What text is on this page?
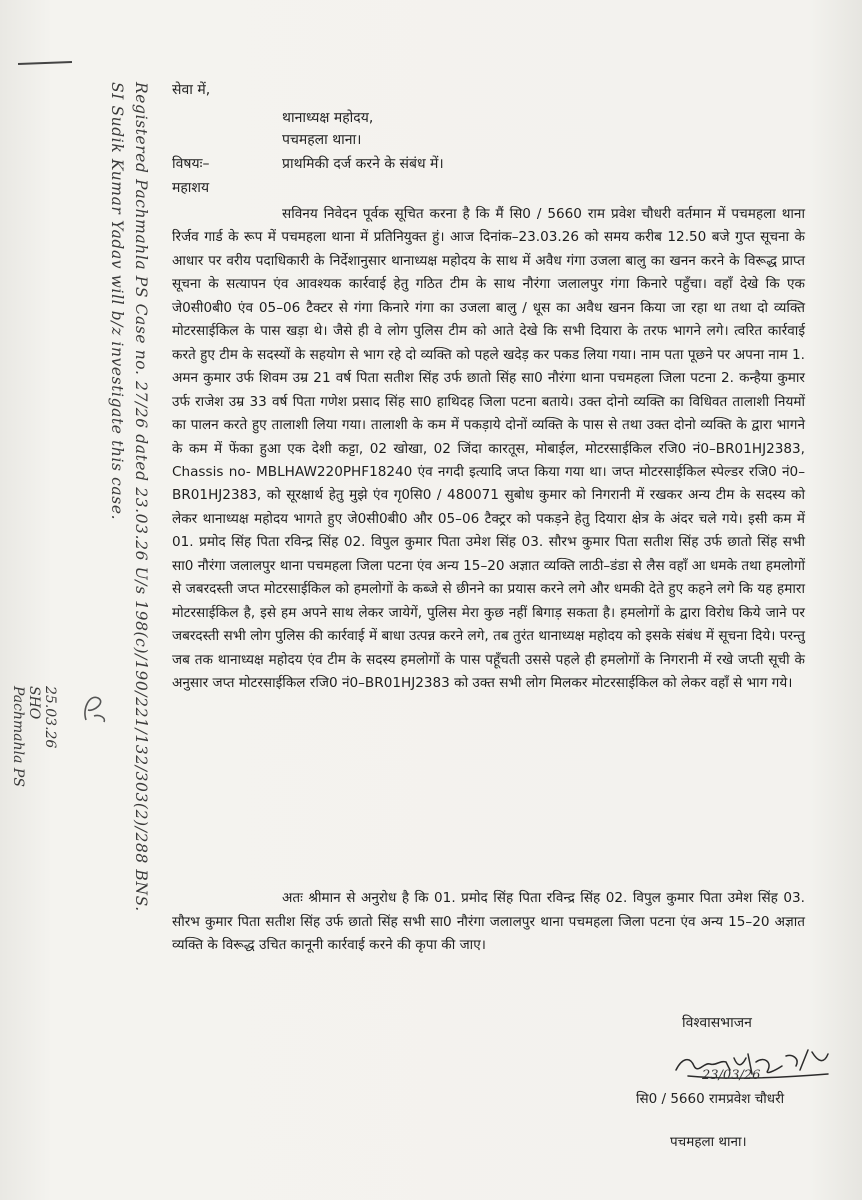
Registered Pachmahla PS Case no. 27/26 dated 23.03.26 U/s 198(c)/190/221/132/303(2)/288 BNS.
SI Sudik Kumar Yadav will b/z investigate this case.
25.03.26
SHO
Pachmahla PS
सेवा में,
थानाध्यक्ष महोदय,
पचमहला थाना।
विषयः–	प्राथमिकी दर्ज करने के संबंध में।
महाशय

सविनय निवेदन पूर्वक सूचित करना है कि मैं सि0 / 5660 राम प्रवेश चौधरी वर्तमान में पचमहला थाना रिर्जव गार्ड के रूप में पचमहला थाना में प्रतिनियुक्त हुं। आज दिनांक–23.03.26 को समय करीब 12.50 बजे गुप्त सूचना के आधार पर वरीय पदाधिकारी के निर्देशानुसार थानाध्यक्ष महोदय के साथ में अवैध गंगा उजला बालु का खनन करने के विरूद्ध प्राप्त सूचना के सत्यापन एंव आवश्यक कार्रवाई हेतु गठित टीम के साथ नौरंगा जलालपुर गंगा किनारे पहुँचा। वहाँ देखे कि एक जे0सी0बी0 एंव 05–06 टैक्टर से गंगा किनारे गंगा का उजला बालु / धूस का अवैध खनन किया जा रहा था तथा दो व्यक्ति मोटरसाईकिल के पास खड़ा थे। जैसे ही वे लोग पुलिस टीम को आते देखे कि सभी दियारा के तरफ भागने लगे। त्वरित कार्रवाई करते हुए टीम के सदस्यों के सहयोग से भाग रहे दो व्यक्ति को पहले खदेड़ कर पकड लिया गया। नाम पता पूछने पर अपना नाम 1. अमन कुमार उर्फ शिवम उम्र 21 वर्ष पिता सतीश सिंह उर्फ छातो सिंह सा0 नौरंगा थाना पचमहला जिला पटना 2. कन्हैया कुमार उर्फ राजेश उम्र 33 वर्ष पिता गणेश प्रसाद सिंह सा0 हाथिदह जिला पटना बताये। उक्त दोनो व्यक्ति का विधिवत तालाशी नियमों का पालन करते हुए तालाशी लिया गया। तालाशी के कम में पकड़ाये दोनों व्यक्ति के पास से तथा उक्त दोनो व्यक्ति के द्वारा भागने के कम में फेंका हुआ एक देशी कट्टा, 02 खोखा, 02 जिंदा कारतूस, मोबाईल, मोटरसाईकिल रजि0 नं0–BR01HJ2383, Chassis no- MBLHAW220PHF18240 एंव नगदी इत्यादि जप्त किया गया था। जप्त मोटरसाईकिल स्पेल्डर रजि0 नं0–BR01HJ2383, को सूरक्षार्थ हेतु मुझे एंव गृ0सि0 / 480071 सुबोध कुमार को निगरानी में रखकर अन्य टीम के सदस्य को लेकर थानाध्यक्ष महोदय भागते हुए जे0सी0बी0 और 05–06 टैक्ट्रर को पकड़ने हेतु दियारा क्षेत्र के अंदर चले गये। इसी कम में 01. प्रमोद सिंह पिता रविन्द्र सिंह 02. विपुल कुमार पिता उमेश सिंह 03. सौरभ कुमार पिता सतीश सिंह उर्फ छातो सिंह सभी सा0 नौरंगा जलालपुर थाना पचमहला जिला पटना एंव अन्य 15–20 अज्ञात व्यक्ति लाठी–डंडा से लैस वहाँ आ धमके तथा हमलोगों से जबरदस्ती जप्त मोटरसाईकिल को हमलोगों के कब्जे से छीनने का प्रयास करने लगे और धमकी देते हुए कहने लगे कि यह हमारा मोटरसाईकिल है, इसे हम अपने साथ लेकर जायेगें, पुलिस मेरा कुछ नहीं बिगाड़ सकता है। हमलोगों के द्वारा विरोध किये जाने पर जबरदस्ती सभी लोग पुलिस की कार्रवाई में बाधा उत्पन्न करने लगे, तब तुरंत थानाध्यक्ष महोदय को इसके संबंध में सूचना दिये। परन्तु जब तक थानाध्यक्ष महोदय एंव टीम के सदस्य हमलोगों के पास पहूँचती उससे पहले ही हमलोगों के निगरानी में रखे जप्ती सूची के अनुसार जप्त मोटरसाईकिल रजि0 नं0–BR01HJ2383 को उक्त सभी लोग मिलकर मोटरसाईकिल को लेकर वहाँ से भाग गये।

अतः श्रीमान से अनुरोध है कि 01. प्रमोद सिंह पिता रविन्द्र सिंह 02. विपुल कुमार पिता उमेश सिंह 03. सौरभ कुमार पिता सतीश सिंह उर्फ छातो सिंह सभी सा0 नौरंगा जलालपुर थाना पचमहला जिला पटना एंव अन्य 15–20 अज्ञात व्यक्ति के विरूद्ध उचित कानूनी कार्रवाई करने की कृपा की जाए।

विश्वासभाजन
23/03/26
सि0 / 5660 रामप्रवेश चौधरी
पचमहला थाना।
